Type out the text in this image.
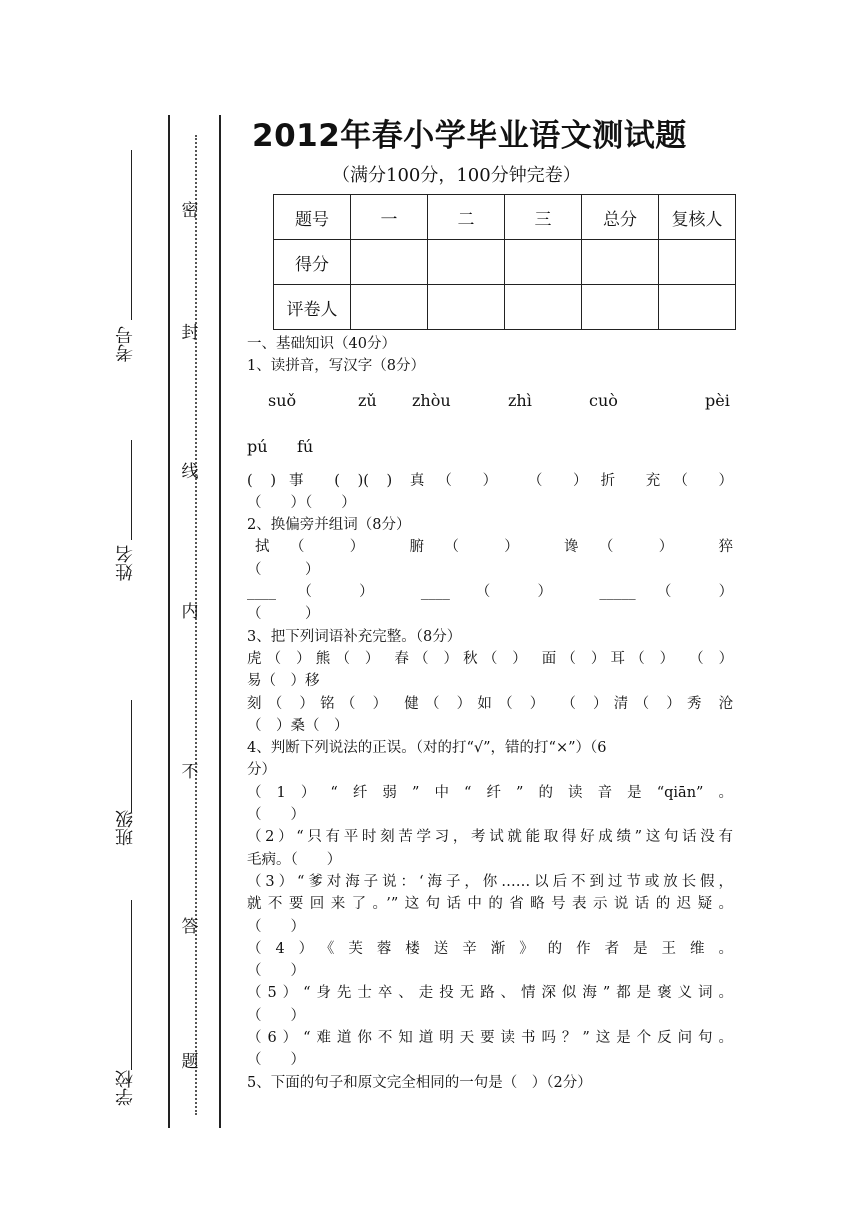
考号
姓名
班级
学校
密
封
线
内
不
答
题
2012年春小学毕业语文测试题
（满分100分，100分钟完卷）
题号	一	二	三	总分	复核人
得分					
评卷人					
一、基础知识（40分）
1、读拼音，写汉字（8分）
suǒ	zǔ zhòu	zhì	cuò	pèi
pú fú
( )事 ( )( ) 真（ ） （ ）折 充（ ）
（　　）（　　）
2、换偏旁并组词（8分）
拭（ ） 腑（ ） 谗（ ） 猝
（　　　）
____（ ） ____ （ ） _____（ ）
（　　　）
3、把下列词语补充完整。（8分）
虎（ ）熊（ ） 春（ ）秋（ ） 面（ ）耳（ ） （ ）
易（　）移
刻（ ）铭（ ） 健（ ）如（ ） （ ）清（ ）秀 沧
（　）桑（　）
4、判断下列说法的正误。（对的打“√”，错的打“×”）（6
分）
（1）“纤弱”中“纤”的读音是“qiān”。
（　　）
（2）“只有平时刻苦学习，考试就能取得好成绩”这句话没有
毛病。（　　）
（3）“爹对海子说：‘海子，你……以后不到过节或放长假，
就不要回来了。’”这句话中的省略号表示说话的迟疑。
（　　）
（4）《芙蓉楼送辛渐》的作者是王维。
（　　）
（5）“身先士卒、走投无路、情深似海”都是褒义词。
（　　）
（6）“难道你不知道明天要读书吗？”这是个反问句。
（　　）
5、下面的句子和原文完全相同的一句是（　）（2分）
